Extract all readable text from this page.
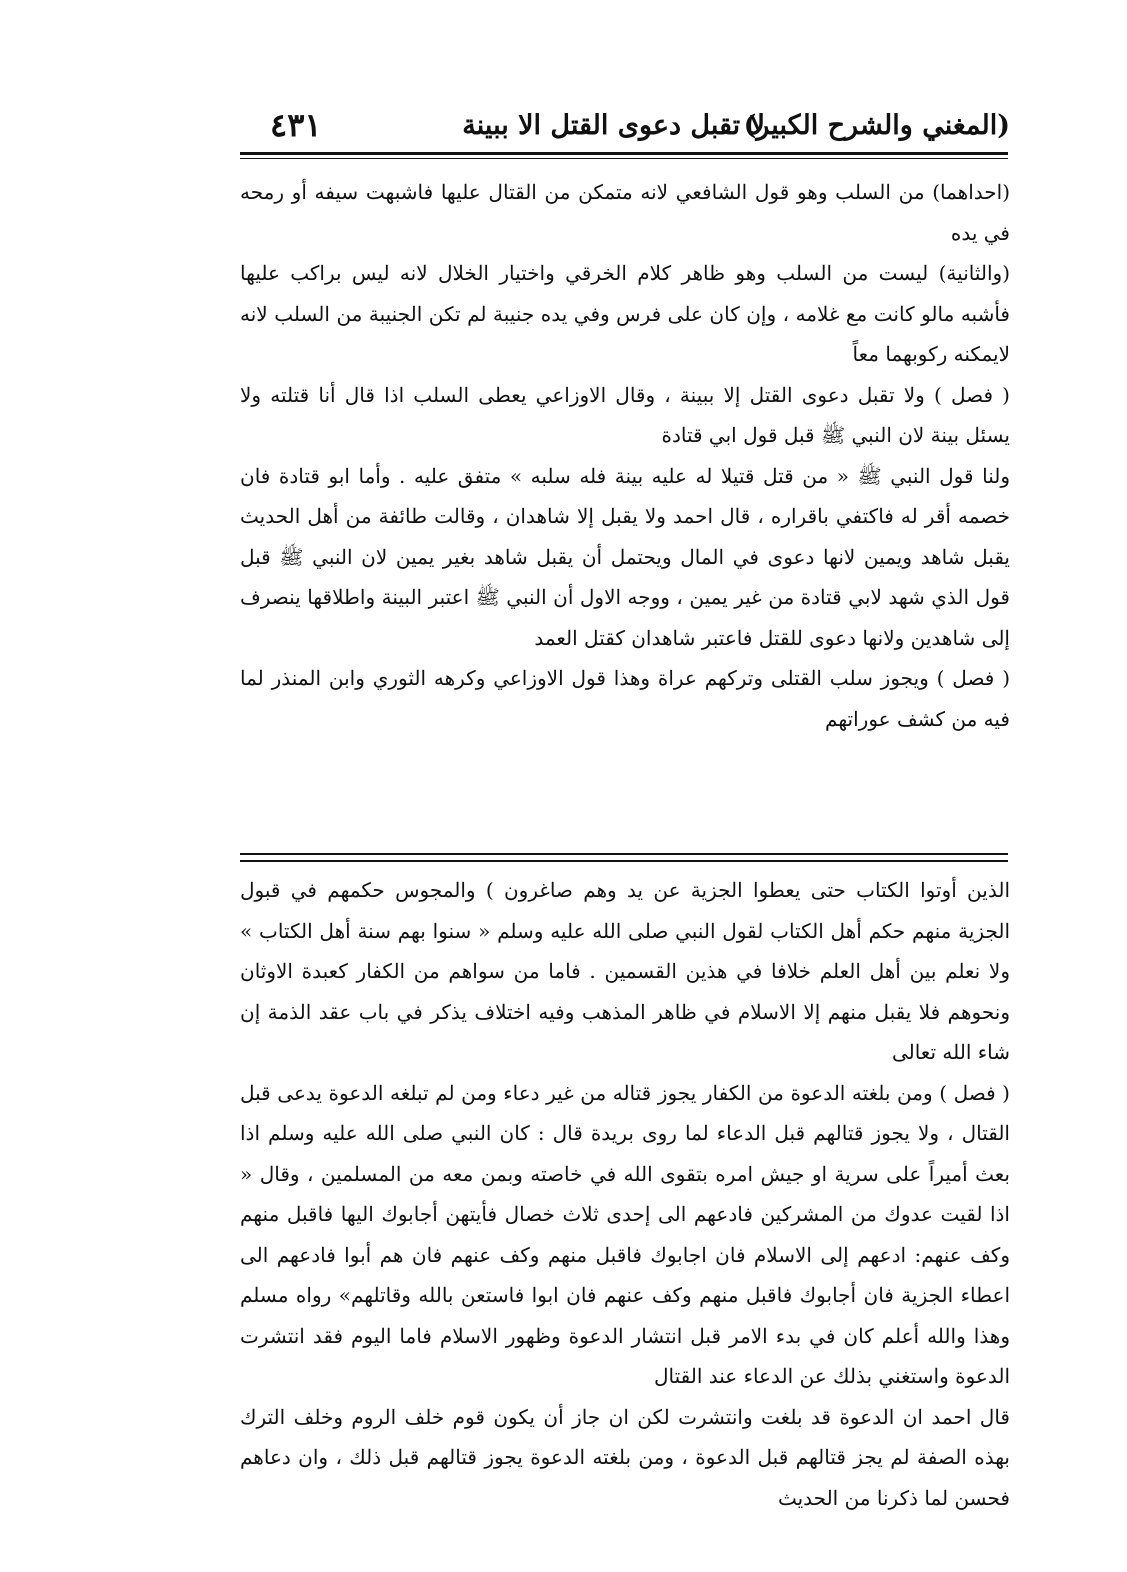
(المغني والشرح الكبير)
لا تقبل دعوى القتل الا ببينة
٤٣١

(احداهما) من السلب وهو قول الشافعي لانه متمكن من القتال عليها فاشبهت سيفه أو رمحه في يده

(والثانية) ليست من السلب وهو ظاهر كلام الخرقي واختيار الخلال لانه ليس براكب عليها فأشبه مالو كانت مع غلامه ، وإن كان على فرس وفي يده جنيبة لم تكن الجنيبة من السلب لانه لايمكنه ركوبهما معاً

( فصل ) ولا تقبل دعوى القتل إلا ببينة ، وقال الاوزاعي يعطى السلب اذا قال أنا قتلته ولا يسئل بينة لان النبي ﷺ قبل قول ابي قتادة

ولنا قول النبي ﷺ « من قتل قتيلا له عليه بينة فله سلبه » متفق عليه . وأما ابو قتادة فان خصمه أقر له فاكتفي باقراره ، قال احمد ولا يقبل إلا شاهدان ، وقالت طائفة من أهل الحديث يقبل شاهد ويمين لانها دعوى في المال ويحتمل أن يقبل شاهد بغير يمين لان النبي ﷺ قبل قول الذي شهد لابي قتادة من غير يمين ، ووجه الاول أن النبي ﷺ اعتبر البينة واطلاقها ينصرف إلى شاهدين ولانها دعوى للقتل فاعتبر شاهدان كقتل العمد

( فصل ) ويجوز سلب القتلى وتركهم عراة وهذا قول الاوزاعي وكرهه الثوري وابن المنذر لما فيه من كشف عوراتهم

الذين أوتوا الكتاب حتى يعطوا الجزية عن يد وهم صاغرون ) والمجوس حكمهم في قبول الجزية منهم حكم أهل الكتاب لقول النبي صلى الله عليه وسلم « سنوا بهم سنة أهل الكتاب » ولا نعلم بين أهل العلم خلافا في هذين القسمين . فاما من سواهم من الكفار كعبدة الاوثان ونحوهم فلا يقبل منهم إلا الاسلام في ظاهر المذهب وفيه اختلاف يذكر في باب عقد الذمة إن شاء الله تعالى

( فصل ) ومن بلغته الدعوة من الكفار يجوز قتاله من غير دعاء ومن لم تبلغه الدعوة يدعى قبل القتال ، ولا يجوز قتالهم قبل الدعاء لما روى بريدة قال : كان النبي صلى الله عليه وسلم اذا بعث أميراً على سرية او جيش امره بتقوى الله في خاصته وبمن معه من المسلمين ، وقال « اذا لقيت عدوك من المشركين فادعهم الى إحدى ثلاث خصال فأيتهن أجابوك اليها فاقبل منهم وكف عنهم: ادعهم إلى الاسلام فان اجابوك فاقبل منهم وكف عنهم فان هم أبوا فادعهم الى اعطاء الجزية فان أجابوك فاقبل منهم وكف عنهم فان ابوا فاستعن بالله وقاتلهم» رواه مسلم وهذا والله أعلم كان في بدء الامر قبل انتشار الدعوة وظهور الاسلام فاما اليوم فقد انتشرت الدعوة واستغني بذلك عن الدعاء عند القتال

قال احمد ان الدعوة قد بلغت وانتشرت لكن ان جاز أن يكون قوم خلف الروم وخلف الترك بهذه الصفة لم يجز قتالهم قبل الدعوة ، ومن بلغته الدعوة يجوز قتالهم قبل ذلك ، وان دعاهم فحسن لما ذكرنا من الحديث
